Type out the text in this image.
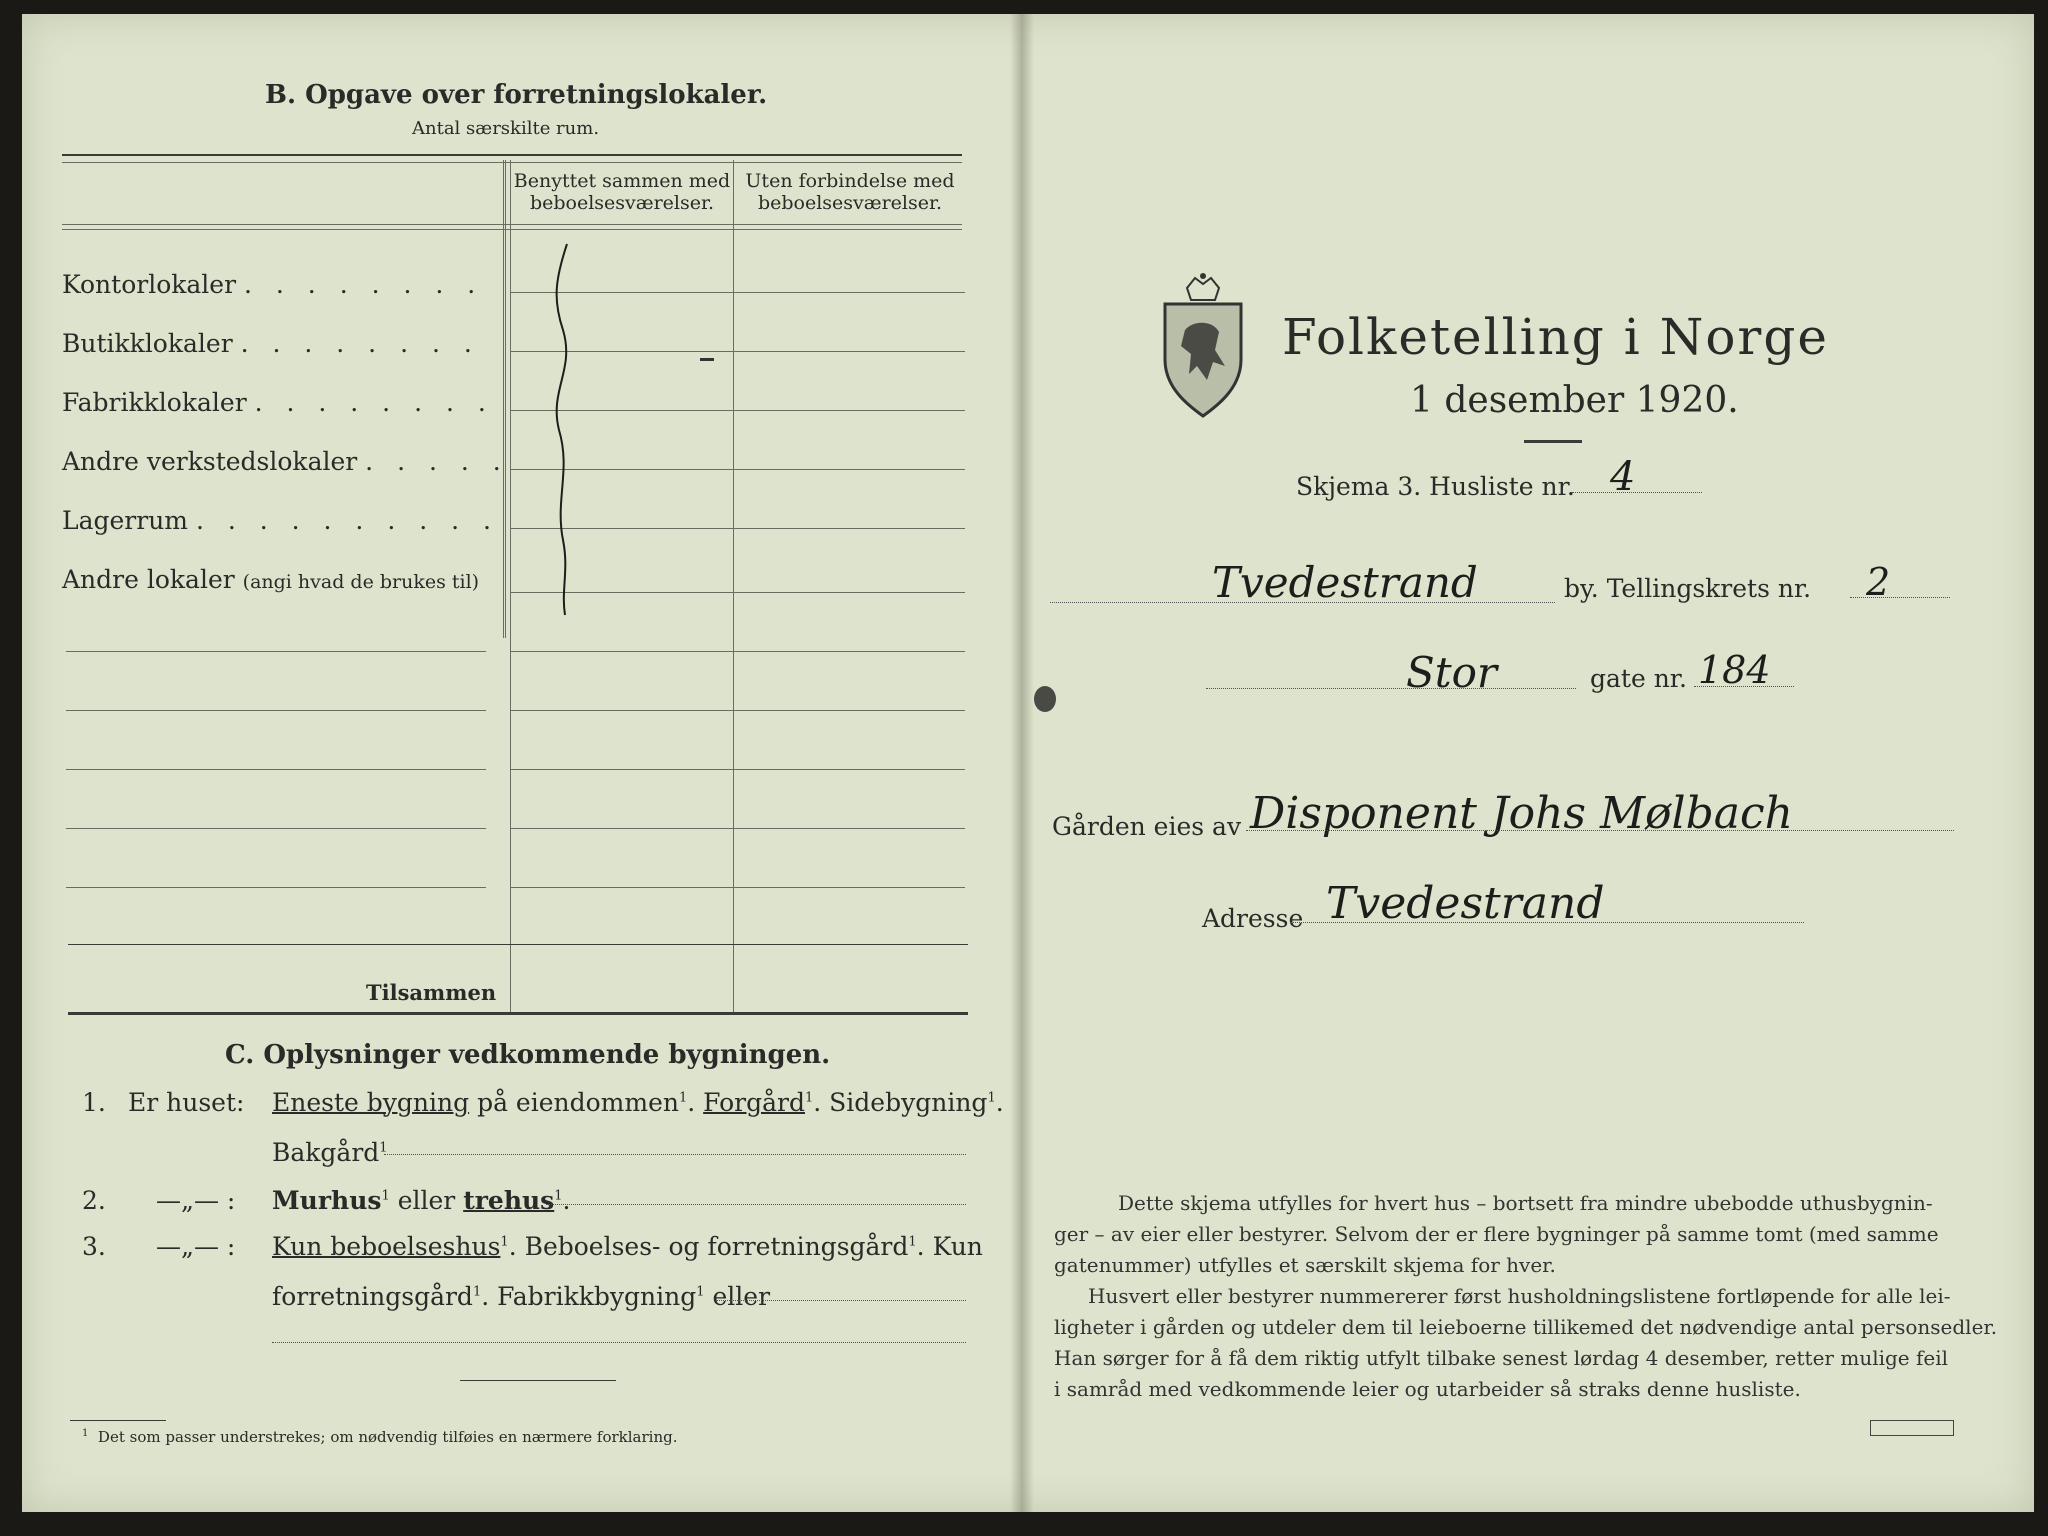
B. Opgave over forretningslokaler.
Antal særskilte rum.
Benyttet sammen med
beboelsesværelser.
Uten forbindelse med
beboelsesværelser.
Kontorlokaler . . . . . . . .
Butikklokaler . . . . . . . .
Fabrikklokaler . . . . . . . .
Andre verkstedslokaler . . . . .
Lagerrum . . . . . . . . . .
Andre lokaler (angi hvad de brukes til)
Tilsammen
C. Oplysninger vedkommende bygningen.
1. Er huset: Eneste bygning på eiendommen$^1$. Forgård$^1$. Sidebygning$^1$.
Bakgård$^1$
2. —„— : Murhus$^1$ eller trehus$^1$.
3. —„— : Kun beboelseshus$^1$. Beboelses- og forretningsgård$^1$. Kun
forretningsgård$^1$. Fabrikkbygning$^1$ eller
$^1$ Det som passer understrekes; om nødvendig tilføies en nærmere forklaring.
Folketelling i Norge
1 desember 1920.
Skjema 3. Husliste nr. 4
Tvedestrand	by. Tellingskrets nr. 2
Stor	gate nr. 184
Gården eies av Disponent Johs Mølbach
Adresse Tvedestrand
Dette skjema utfylles for hvert hus – bortsett fra mindre ubebodde uthusbygnin-
ger – av eier eller bestyrer. Selvom der er flere bygninger på samme tomt (med samme
gatenummer) utfylles et særskilt skjema for hver.
Husvert eller bestyrer nummererer først husholdningslistene fortløpende for alle lei-
ligheter i gården og utdeler dem til leieboerne tillikemed det nødvendige antal personsedler.
Han sørger for å få dem riktig utfylt tilbake senest lørdag 4 desember, retter mulige feil
i samråd med vedkommende leier og utarbeider så straks denne husliste.
